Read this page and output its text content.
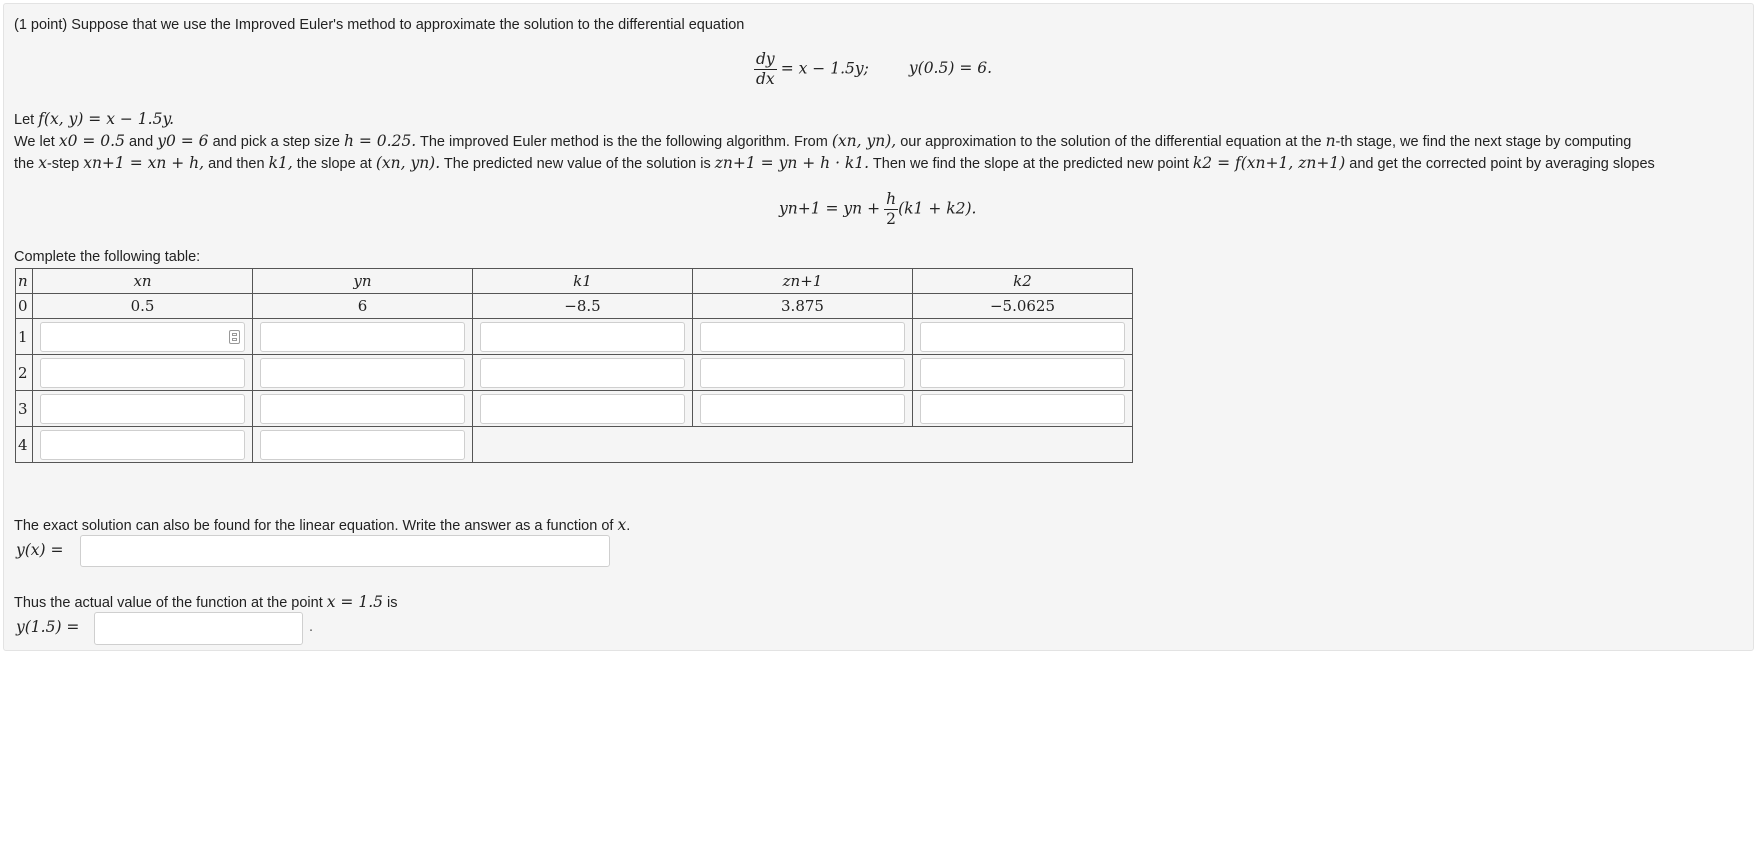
(1 point) Suppose that we use the Improved Euler's method to approximate the solution to the differential equation
$\frac{dy}{dx} = x - 1.5y$;	y(0.5) = 6.
Let f(x, y) = x − 1.5y.
We let x0 = 0.5 and y0 = 6 and pick a step size h = 0.25. The improved Euler method is the the following algorithm. From (xn, yn), our approximation to the solution of the differential equation at the n-th stage, we find the next stage by computing
the x-step xn+1 = xn + h, and then k1, the slope at (xn, yn). The predicted new value of the solution is zn+1 = yn + h · k1. Then we find the slope at the predicted new point k2 = f(xn+1, zn+1) and get the corrected point by averaging slopes
yn+1 = yn + $\frac{h}{2} (k1 + k2)$.
Complete the following table:
n	xn	yn	k1	zn+1	k2
0	0.5	6	−8.5	3.875	−5.0625
1	

2	

3	

4			

The exact solution can also be found for the linear equation. Write the answer as a function of x.
y(x) =
Thus the actual value of the function at the point x = 1.5 is
y(1.5) =	.
